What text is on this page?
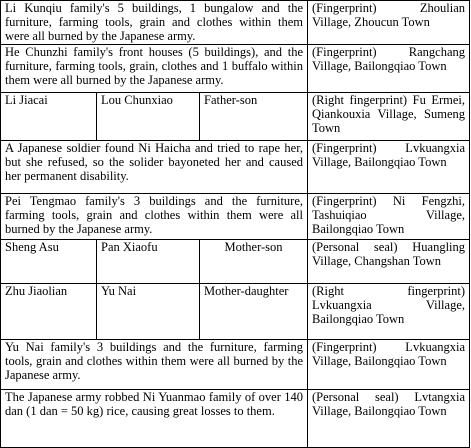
Li Kunqiu family's 5 buildings, 1 bungalow and the furniture, farming tools, grain and clothes within them were all burned by the Japanese army.			(Fingerprint) Zhoulian Village, Zhoucun Town
He Chunzhi family's front houses (5 buildings), and the furniture, farming tools, grain, clothes and 1 buffalo within them were all burned by the Japanese army.			(Fingerprint) Rangchang Village, Bailongqiao Town
Li Jiacai	Lou Chunxiao	Father-son	(Right fingerprint) Fu Ermei, Qiankouxia Village, Sumeng Town
A Japanese soldier found Ni Haicha and tried to rape her, but she refused, so the solider bayoneted her and caused her permanent disability.			(Fingerprint) Lvkuangxia Village, Bailongqiao Town
Pei Tengmao family's 3 buildings and the furniture, farming tools, grain and clothes within them were all burned by the Japanese army.			(Fingerprint) Ni Fengzhi, Tashuiqiao Village, Bailongqiao Town
Sheng Asu	Pan Xiaofu	Mother-son	(Personal seal) Huangling Village, Changshan Town
Zhu Jiaolian	Yu Nai	Mother-daughter	(Right fingerprint) Lvkuangxia Village, Bailongqiao Town
Yu Nai family's 3 buildings and the furniture, farming tools, grain and clothes within them were all burned by the Japanese army.			(Fingerprint) Lvkuangxia Village, Bailongqiao Town
The Japanese army robbed Ni Yuanmao family of over 140 dan (1 dan = 50 kg) rice, causing great losses to them.			(Personal seal) Lvtangxia Village, Bailongqiao Town
